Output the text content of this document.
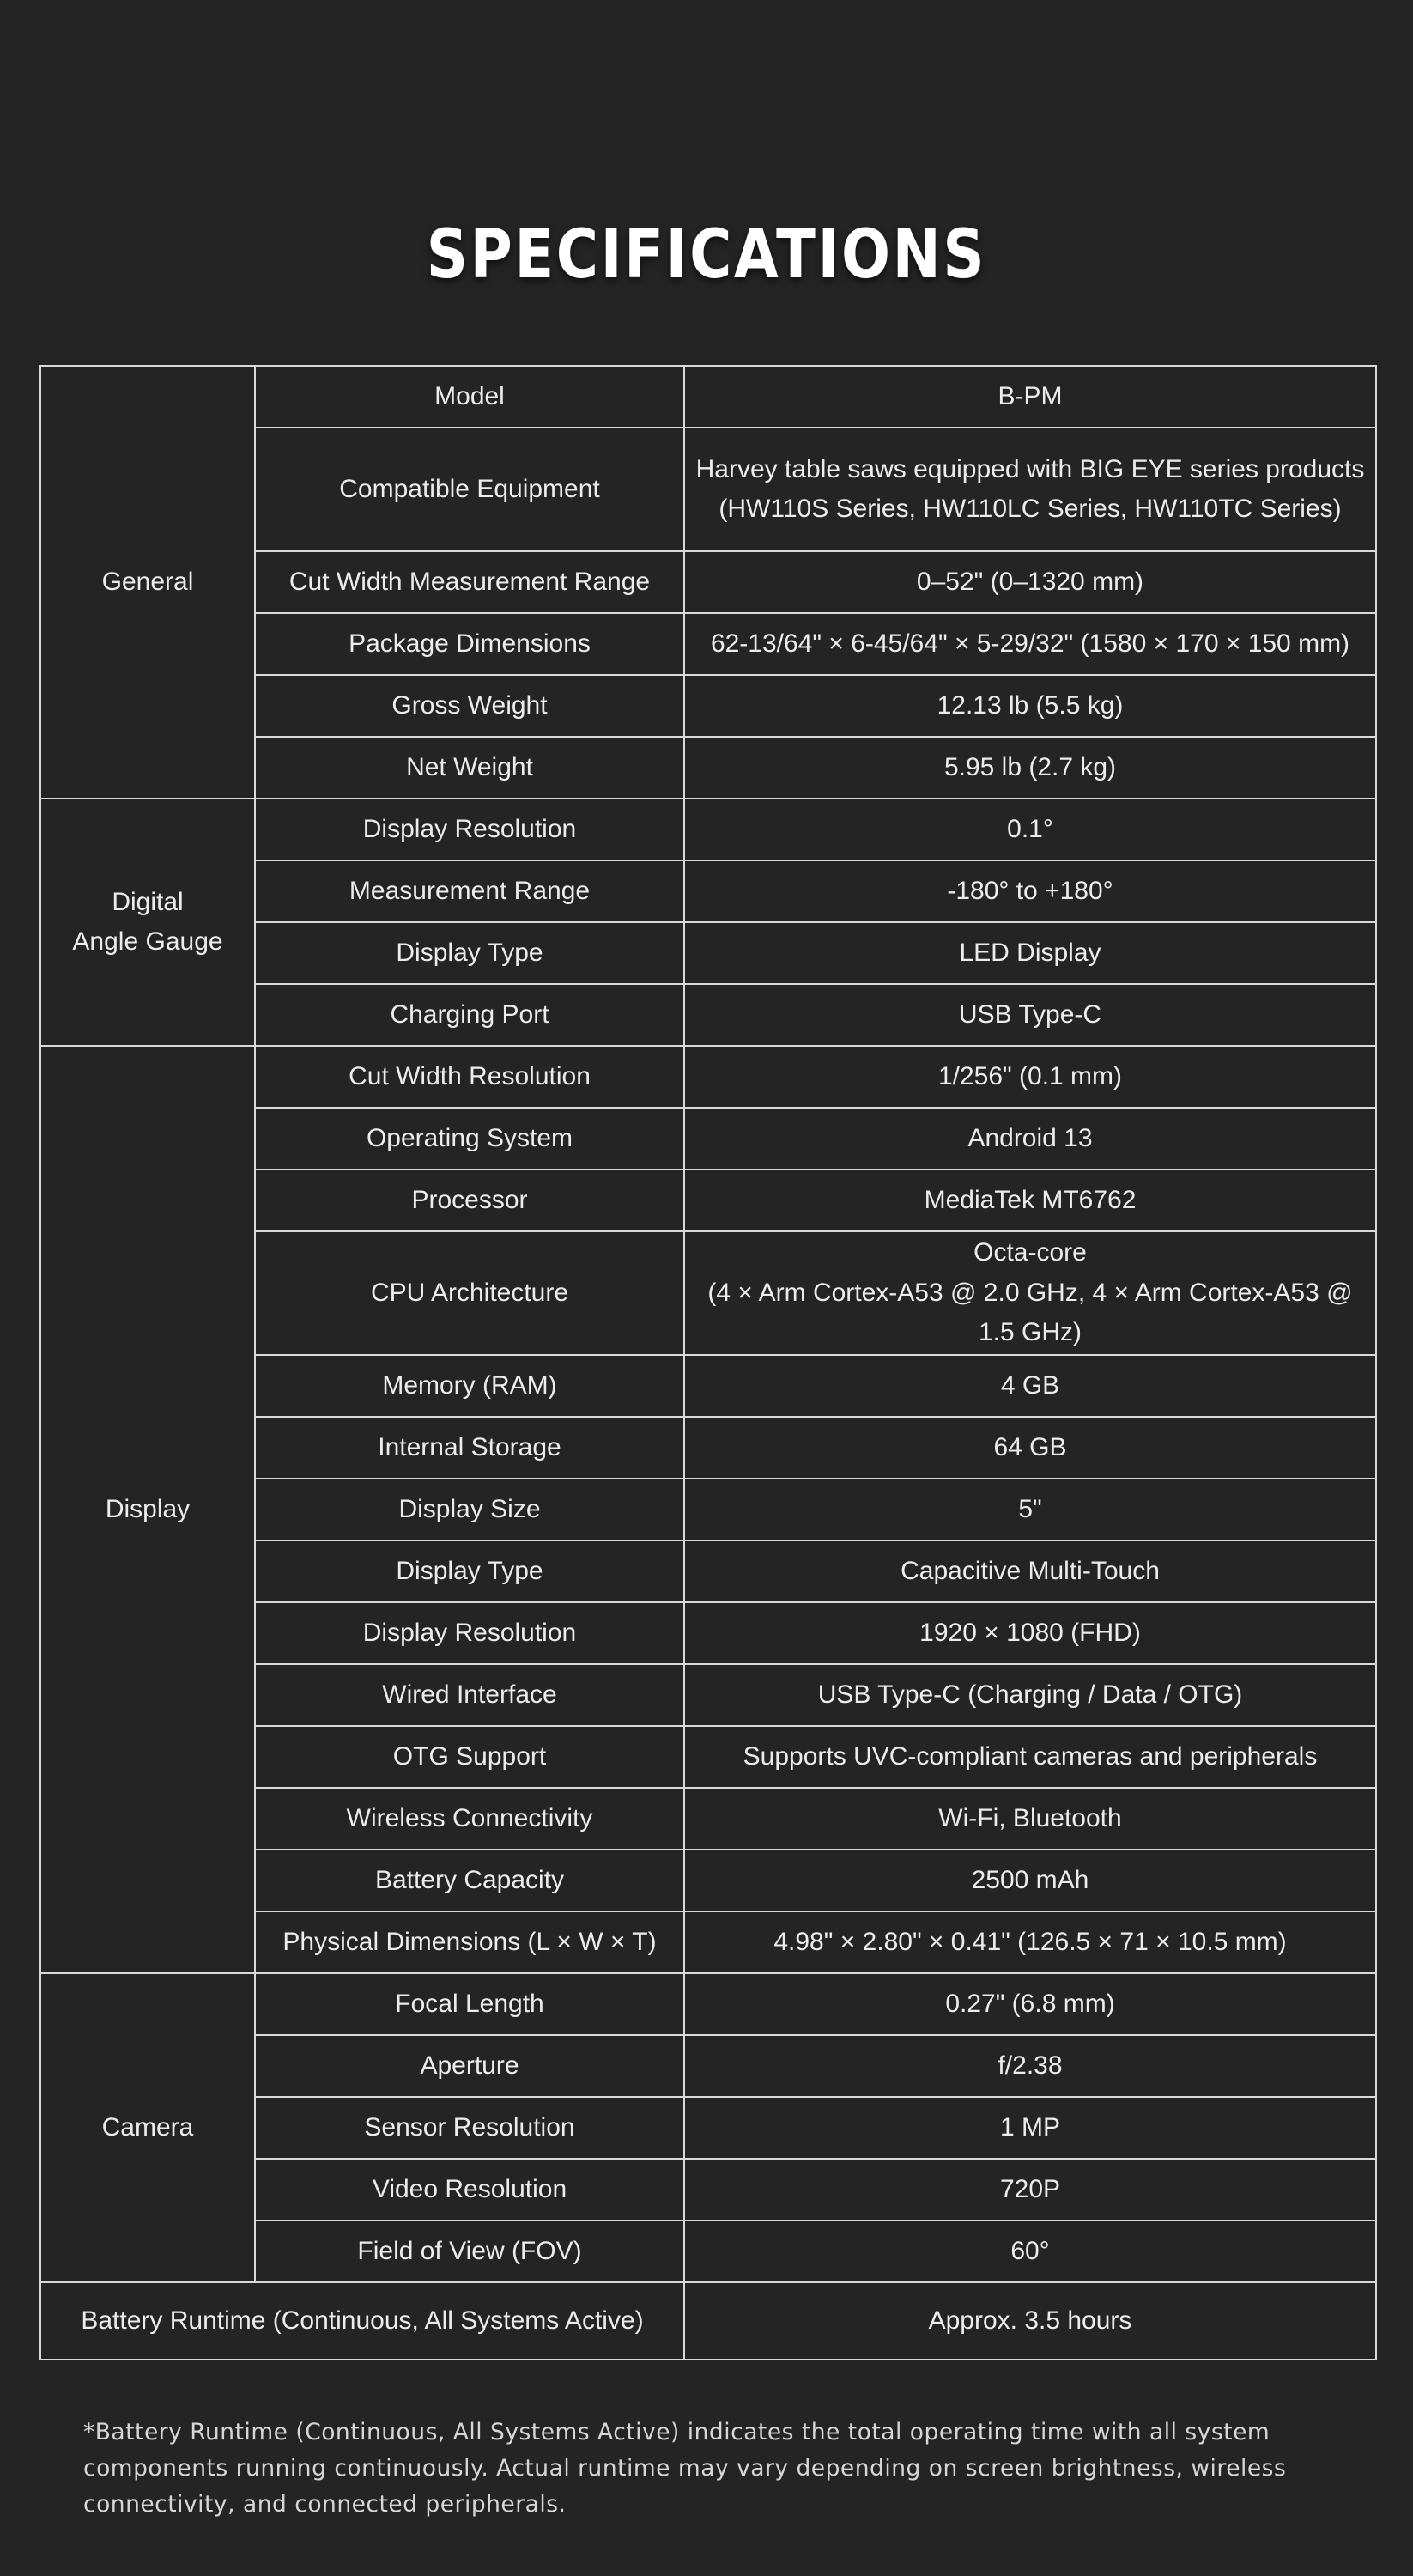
SPECIFICATIONS
General	Model	B-PM
	Compatible Equipment	Harvey table saws equipped with BIG EYE series products
(HW110S Series, HW110LC Series, HW110TC Series)
	Cut Width Measurement Range	0–52" (0–1320 mm)
	Package Dimensions	62-13/64" × 6-45/64" × 5-29/32" (1580 × 170 × 150 mm)
	Gross Weight	12.13 lb (5.5 kg)
	Net Weight	5.95 lb (2.7 kg)
Digital
Angle Gauge	Display Resolution	0.1°
	Measurement Range	-180° to +180°
	Display Type	LED Display
	Charging Port	USB Type-C
Display	Cut Width Resolution	1/256" (0.1 mm)
	Operating System	Android 13
	Processor	MediaTek MT6762
	CPU Architecture	Octa-core
(4 × Arm Cortex-A53 @ 2.0 GHz, 4 × Arm Cortex-A53 @ 1.5 GHz)
	Memory (RAM)	4 GB
	Internal Storage	64 GB
	Display Size	5"
	Display Type	Capacitive Multi-Touch
	Display Resolution	1920 × 1080 (FHD)
	Wired Interface	USB Type-C (Charging / Data / OTG)
	OTG Support	Supports UVC-compliant cameras and peripherals
	Wireless Connectivity	Wi-Fi, Bluetooth
	Battery Capacity	2500 mAh
	Physical Dimensions (L × W × T)	4.98" × 2.80" × 0.41" (126.5 × 71 × 10.5 mm)
Camera	Focal Length	0.27" (6.8 mm)
	Aperture	f/2.38
	Sensor Resolution	1 MP
	Video Resolution	720P
	Field of View (FOV)	60°
Battery Runtime (Continuous, All Systems Active)		Approx. 3.5 hours
*Battery Runtime (Continuous, All Systems Active) indicates the total operating time with all system components running continuously. Actual runtime may vary depending on screen brightness, wireless connectivity, and connected peripherals.
